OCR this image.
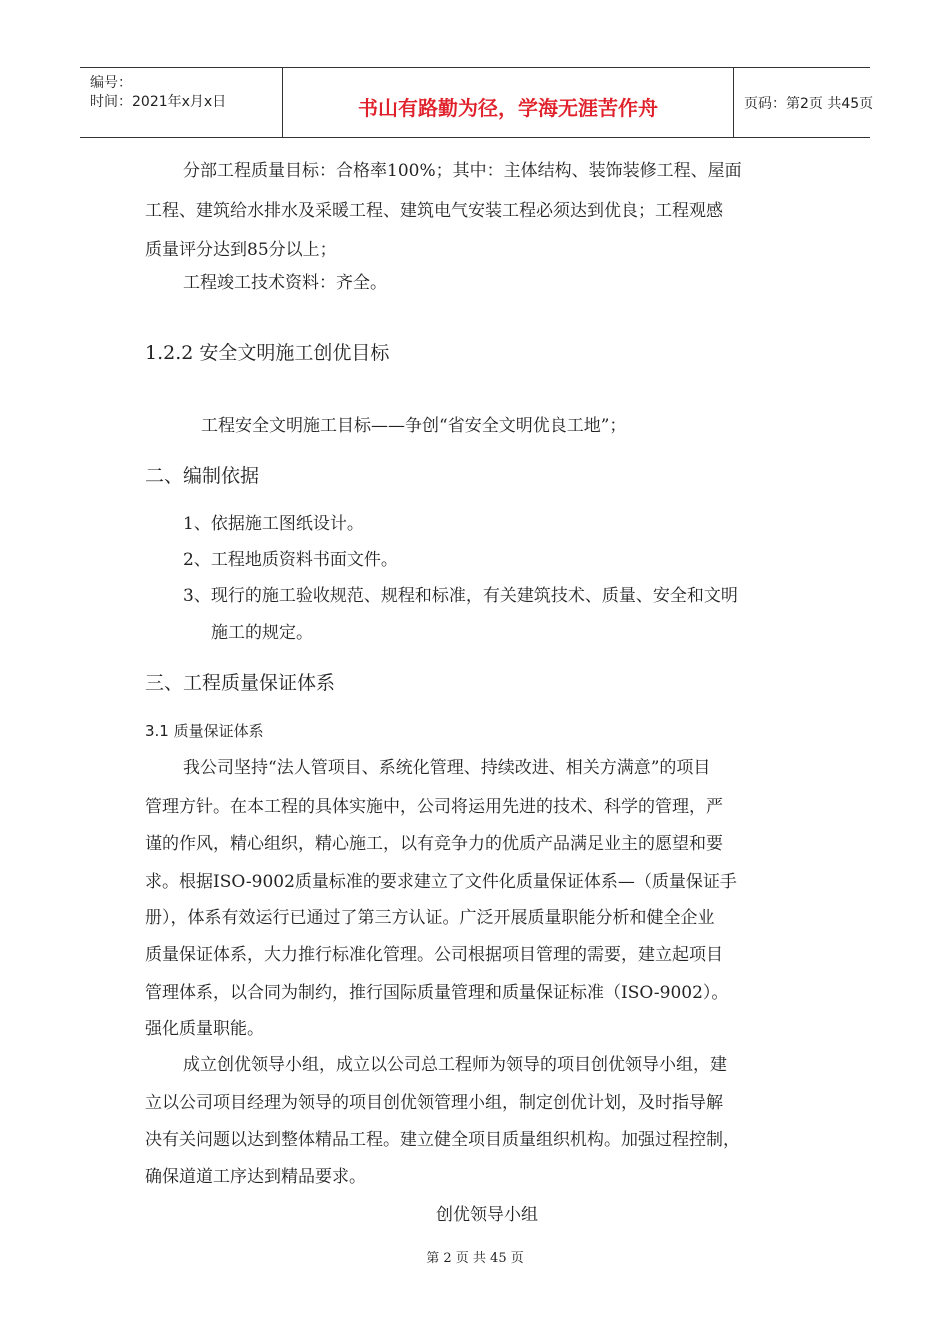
编号：
时间：2021年x月x日	书山有路勤为径，学海无涯苦作舟	页码：第2页 共45页
分部工程质量目标：合格率100%；其中：主体结构、装饰装修工程、屋面
工程、建筑给水排水及采暖工程、建筑电气安装工程必须达到优良；工程观感
质量评分达到85分以上；
工程竣工技术资料：齐全。
1.2.2 安全文明施工创优目标
工程安全文明施工目标——争创“省安全文明优良工地”；
二、编制依据
1、依据施工图纸设计。
2、工程地质资料书面文件。
3、现行的施工验收规范、规程和标准，有关建筑技术、质量、安全和文明
施工的规定。
三、工程质量保证体系
3.1 质量保证体系
我公司坚持“法人管项目、系统化管理、持续改进、相关方满意”的项目
管理方针。在本工程的具体实施中，公司将运用先进的技术、科学的管理，严
谨的作风，精心组织，精心施工，以有竞争力的优质产品满足业主的愿望和要
求。根据ISO-9002质量标准的要求建立了文件化质量保证体系—（质量保证手
册），体系有效运行已通过了第三方认证。广泛开展质量职能分析和健全企业
质量保证体系，大力推行标准化管理。公司根据项目管理的需要，建立起项目
管理体系，以合同为制约，推行国际质量管理和质量保证标准（ISO-9002）。
强化质量职能。
成立创优领导小组，成立以公司总工程师为领导的项目创优领导小组，建
立以公司项目经理为领导的项目创优领管理小组，制定创优计划，及时指导解
决有关问题以达到整体精品工程。建立健全项目质量组织机构。加强过程控制，
确保道道工序达到精品要求。
创优领导小组
第 2 页 共 45 页
